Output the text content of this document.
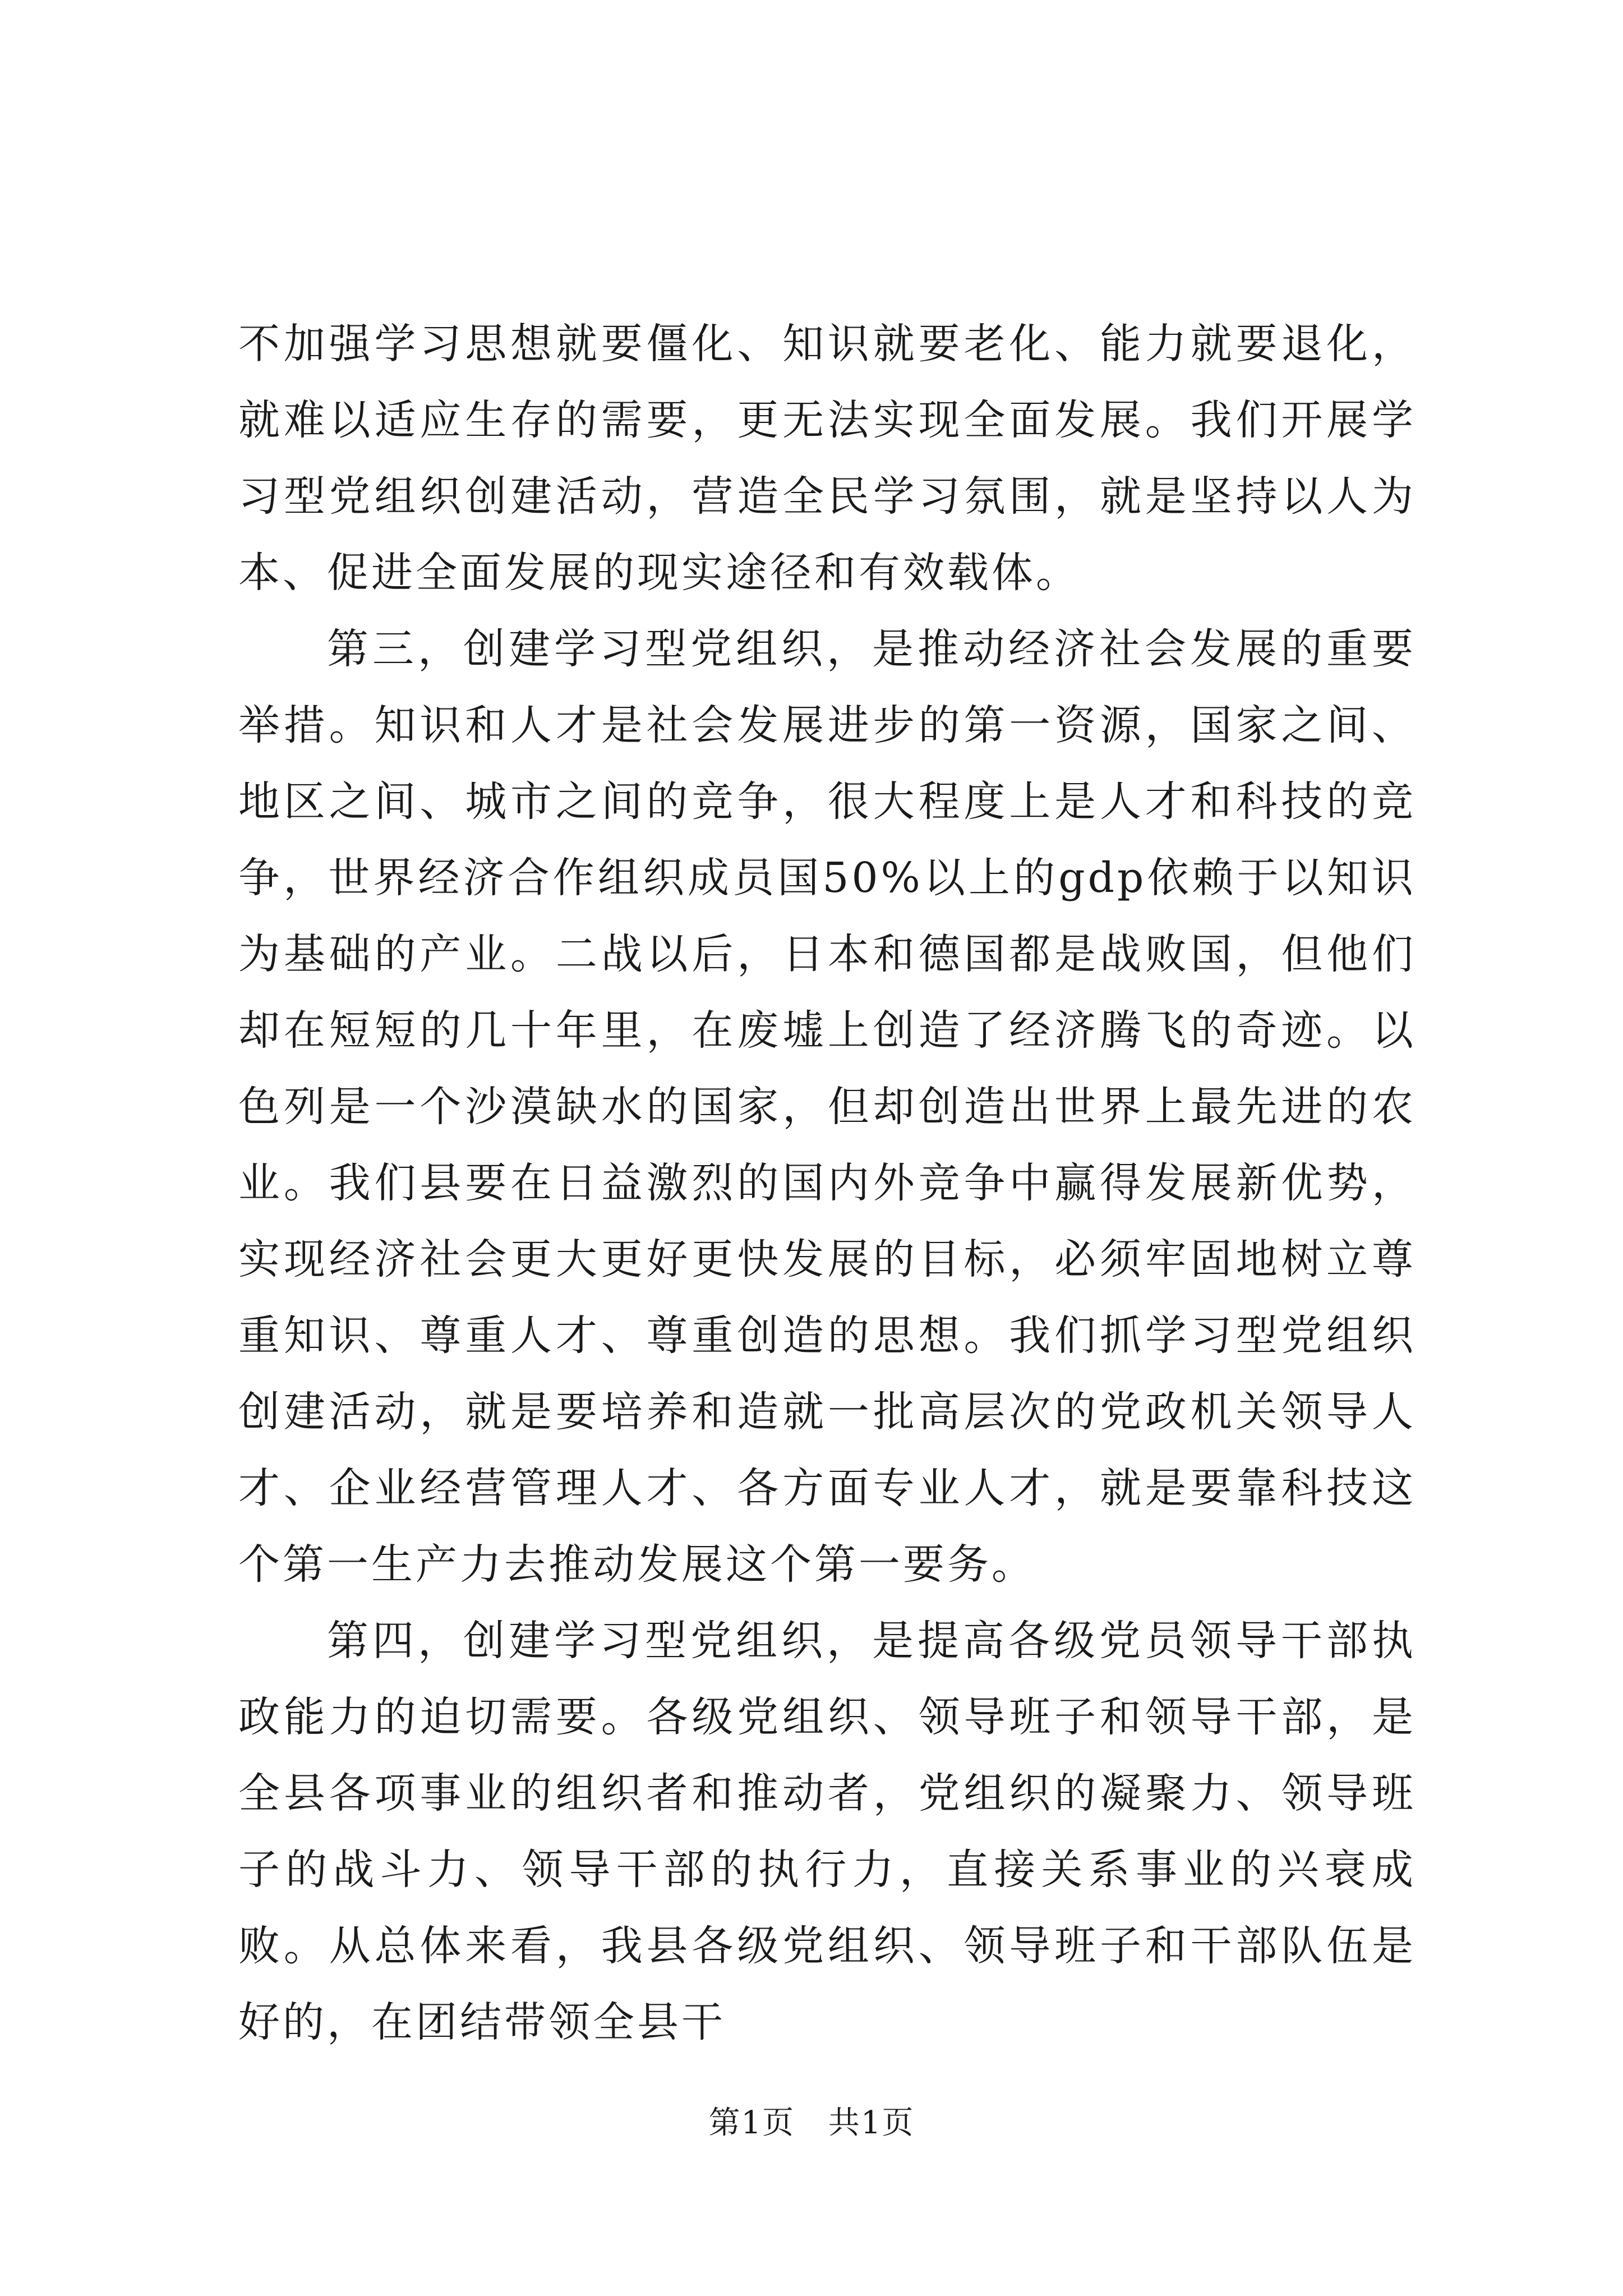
不加强学习思想就要僵化、知识就要老化、能力就要退化，就难以适应生存的需要，更无法实现全面发展。我们开展学习型党组织创建活动，营造全民学习氛围，就是坚持以人为本、促进全面发展的现实途径和有效载体。

第三，创建学习型党组织，是推动经济社会发展的重要举措。知识和人才是社会发展进步的第一资源，国家之间、地区之间、城市之间的竞争，很大程度上是人才和科技的竞争，世界经济合作组织成员国50%以上的gdp依赖于以知识为基础的产业。二战以后，日本和德国都是战败国，但他们却在短短的几十年里，在废墟上创造了经济腾飞的奇迹。以色列是一个沙漠缺水的国家，但却创造出世界上最先进的农业。我们县要在日益激烈的国内外竞争中赢得发展新优势，实现经济社会更大更好更快发展的目标，必须牢固地树立尊重知识、尊重人才、尊重创造的思想。我们抓学习型党组织创建活动，就是要培养和造就一批高层次的党政机关领导人才、企业经营管理人才、各方面专业人才，就是要靠科技这个第一生产力去推动发展这个第一要务。

第四，创建学习型党组织，是提高各级党员领导干部执政能力的迫切需要。各级党组织、领导班子和领导干部，是全县各项事业的组织者和推动者，党组织的凝聚力、领导班子的战斗力、领导干部的执行力，直接关系事业的兴衰成败。从总体来看，我县各级党组织、领导班子和干部队伍是好的，在团结带领全县干

第1页 共1页
